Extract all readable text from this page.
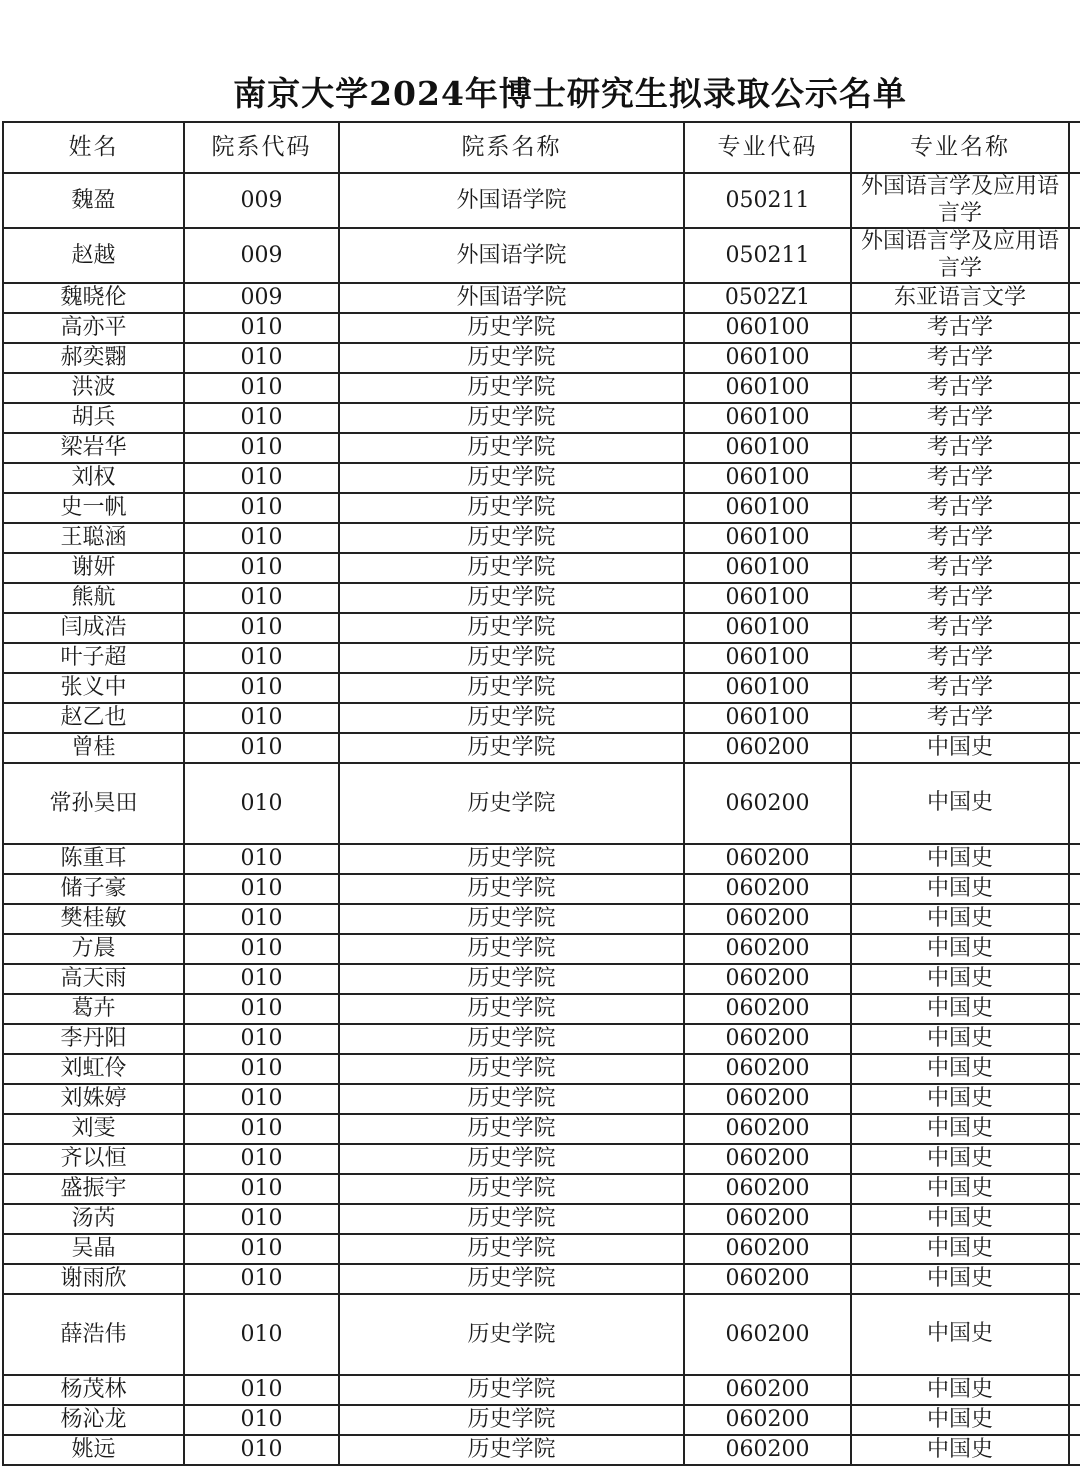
南京大学2024年博士研究生拟录取公示名单
姓名	院系代码	院系名称	专业代码	专业名称	
魏盈	009	外国语学院	050211	外国语言学及应用语言学	
赵越	009	外国语学院	050211	外国语言学及应用语言学	
魏晓伦	009	外国语学院	0502Z1	东亚语言文学	
高亦平	010	历史学院	060100	考古学	
郝奕翾	010	历史学院	060100	考古学	
洪波	010	历史学院	060100	考古学	
胡兵	010	历史学院	060100	考古学	
梁岩华	010	历史学院	060100	考古学	
刘权	010	历史学院	060100	考古学	
史一帆	010	历史学院	060100	考古学	
王聪涵	010	历史学院	060100	考古学	
谢妍	010	历史学院	060100	考古学	
熊航	010	历史学院	060100	考古学	
闫成浩	010	历史学院	060100	考古学	
叶子超	010	历史学院	060100	考古学	
张义中	010	历史学院	060100	考古学	
赵乙也	010	历史学院	060100	考古学	
曾桂	010	历史学院	060200	中国史	
常孙昊田	010	历史学院	060200	中国史	
陈重耳	010	历史学院	060200	中国史	
储子豪	010	历史学院	060200	中国史	
樊桂敏	010	历史学院	060200	中国史	
方晨	010	历史学院	060200	中国史	
高天雨	010	历史学院	060200	中国史	
葛卉	010	历史学院	060200	中国史	
李丹阳	010	历史学院	060200	中国史	
刘虹伶	010	历史学院	060200	中国史	
刘姝婷	010	历史学院	060200	中国史	
刘雯	010	历史学院	060200	中国史	
齐以恒	010	历史学院	060200	中国史	
盛振宇	010	历史学院	060200	中国史	
汤芮	010	历史学院	060200	中国史	
吴晶	010	历史学院	060200	中国史	
谢雨欣	010	历史学院	060200	中国史	
薛浩伟	010	历史学院	060200	中国史	
杨茂林	010	历史学院	060200	中国史	
杨沁龙	010	历史学院	060200	中国史	
姚远	010	历史学院	060200	中国史	
